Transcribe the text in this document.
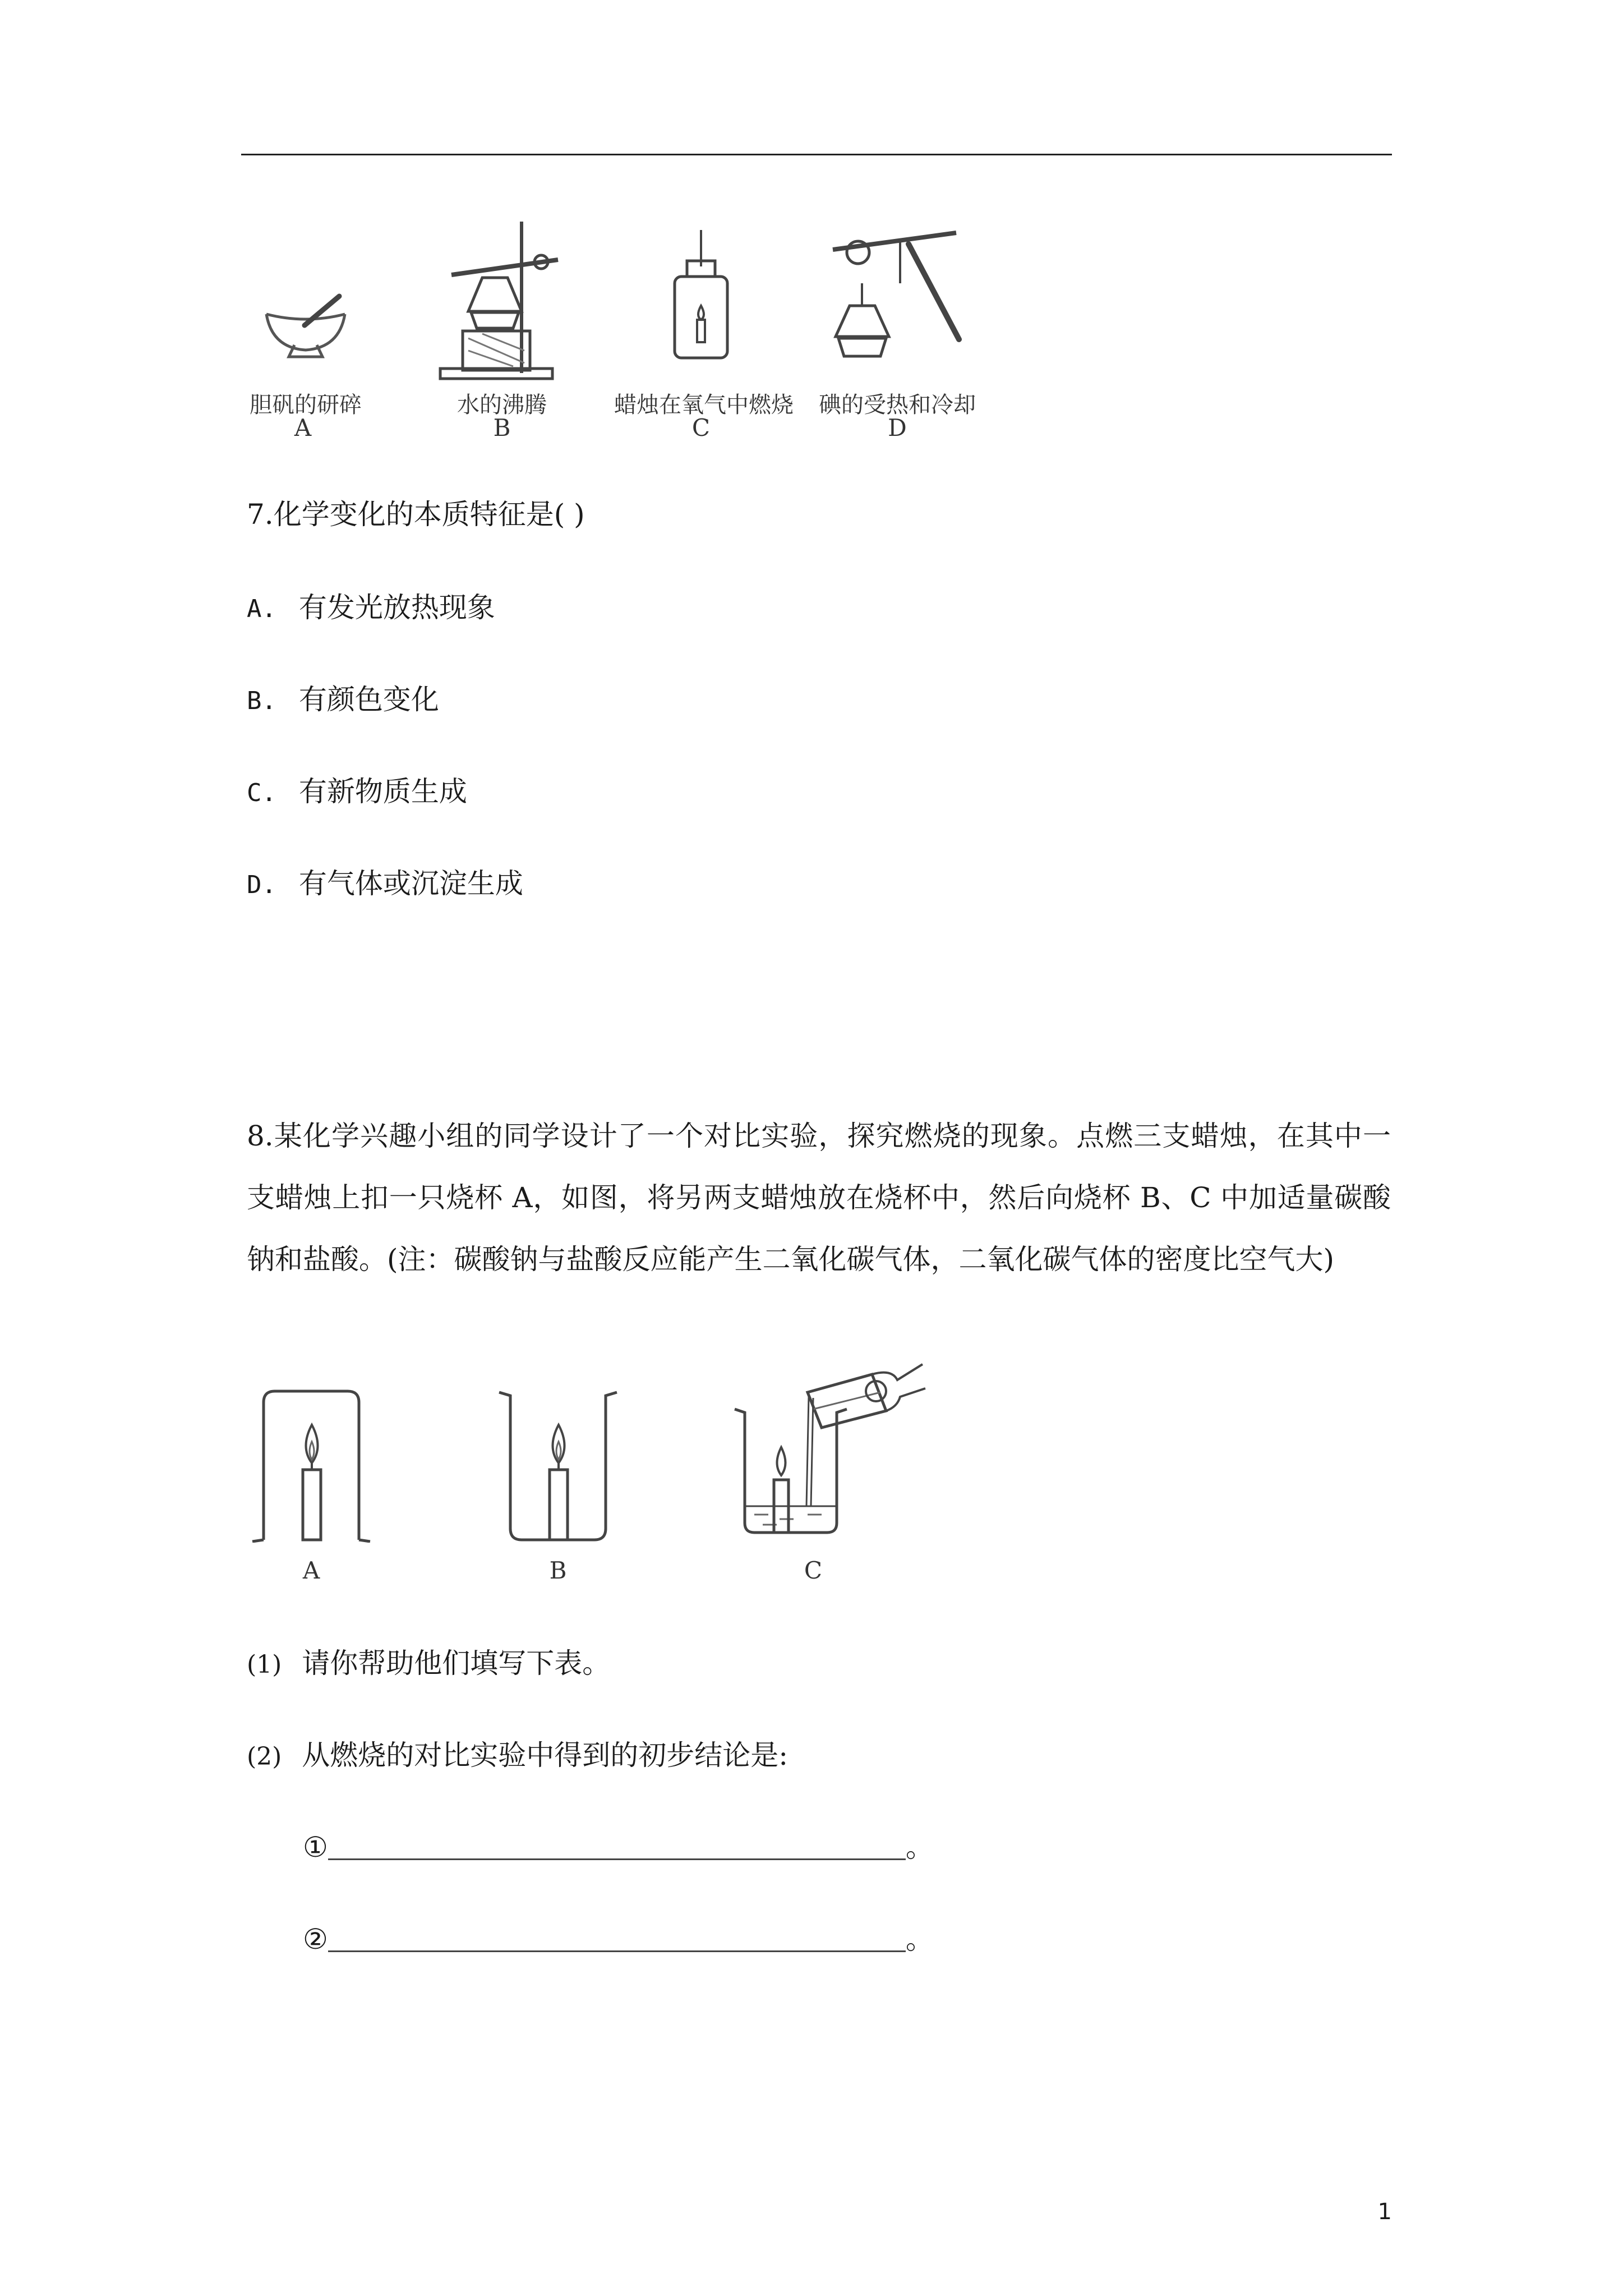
胆矾的研碎
A
水的沸腾
B
蜡烛在氧气中燃烧
C
碘的受热和冷却
D
7.化学变化的本质特征是( )
A. 有发光放热现象
B. 有颜色变化
C. 有新物质生成
D. 有气体或沉淀生成
8.某化学兴趣小组的同学设计了一个对比实验，探究燃烧的现象。点燃三支蜡烛，在其中一支蜡烛上扣一只烧杯 A，如图，将另两支蜡烛放在烧杯中，然后向烧杯 B、C 中加适量碳酸钠和盐酸。(注：碳酸钠与盐酸反应能产生二氧化碳气体，二氧化碳气体的密度比空气大)
A	B	C
(1) 请你帮助他们填写下表。
(2) 从燃烧的对比实验中得到的初步结论是:
①	。
②	。
1
